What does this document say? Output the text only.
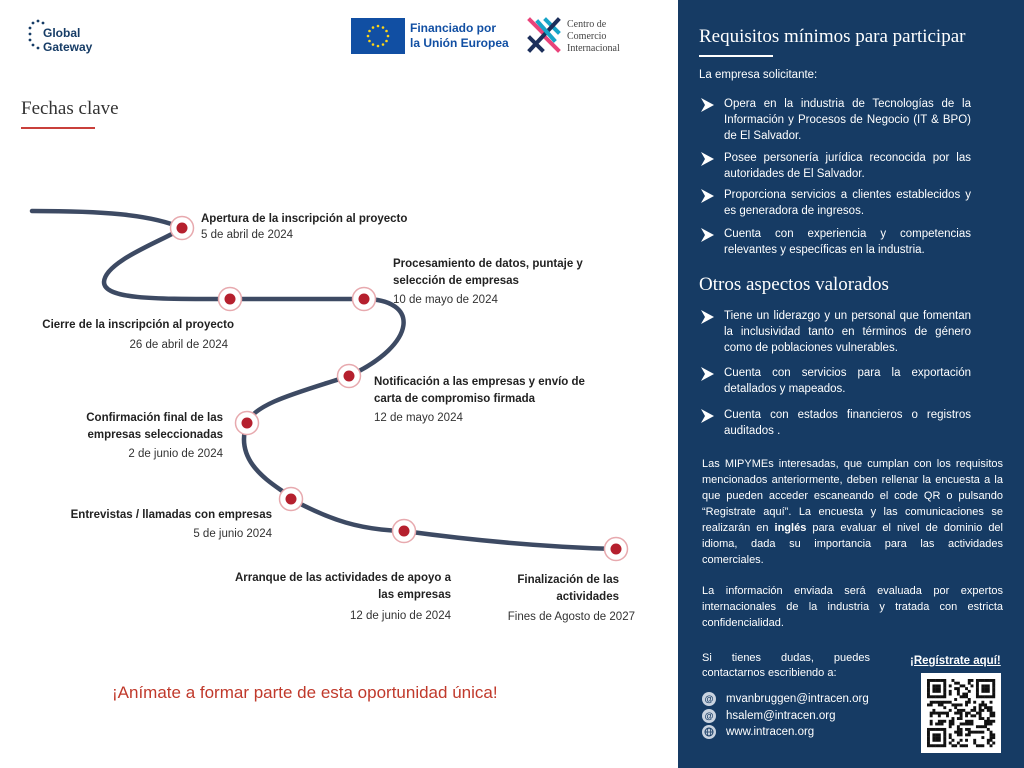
Global
Gateway
Financiado por
la Unión Europea
Centro de
Comercio
Internacional
Fechas clave
Apertura de la inscripción al proyecto
5 de abril de 2024
Cierre de la inscripción al proyecto
26 de abril de 2024
Procesamiento de datos, puntaje y selección de empresas
10 de mayo de 2024
Notificación a las empresas y envío de carta de compromiso firmada
12 de mayo 2024
Confirmación final de las empresas seleccionadas
2 de junio de 2024
Entrevistas / llamadas con empresas
5 de junio 2024
Arranque de las actividades de apoyo a las empresas
12 de junio de 2024
Finalización de las actividades
Fines de Agosto de 2027
¡Anímate a formar parte de esta oportunidad única!
Requisitos mínimos para participar
La empresa solicitante:
Opera en la industria de Tecnologías de la Información y Procesos de Negocio (IT & BPO) de El Salvador.
Posee personería jurídica reconocida por las autoridades de El Salvador.
Proporciona servicios a clientes establecidos y es generadora de ingresos.
Cuenta con experiencia y competencias relevantes y específicas en la industria.
Otros aspectos valorados
Tiene un liderazgo y un personal que fomentan la inclusividad tanto en términos de género como de poblaciones vulnerables.
Cuenta con servicios para la exportación detallados y mapeados.
Cuenta con estados financieros o registros auditados .
Las MIPYMEs interesadas, que cumplan con los requisitos mencionados anteriormente, deben rellenar la encuesta a la que pueden acceder escaneando el code QR o pulsando “Registrate aquí”. La encuesta y las comunicaciones se realizarán en inglés para evaluar el nivel de dominio del idioma, dada su importancia para las actividades comerciales.
La información enviada será evaluada por expertos internacionales de la industria y tratada con estricta confidencialidad.
Si tienes dudas, puedes contactarnos escribiendo a:
@ mvanbruggen@intracen.org
@ hsalem@intracen.org
www.intracen.org
¡Regístrate aquí!
